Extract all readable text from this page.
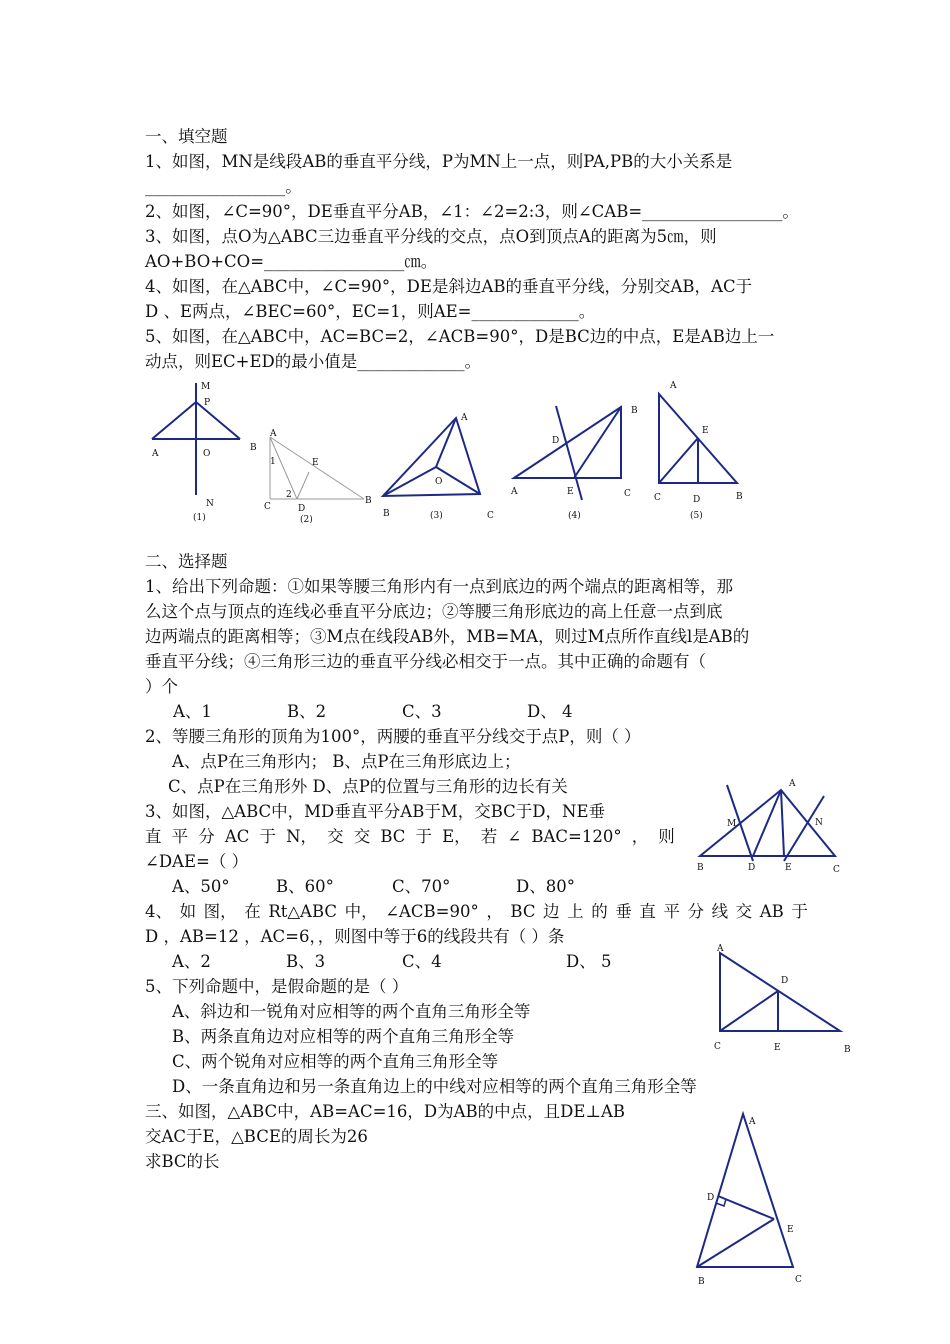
一、填空题
1、如图，MN是线段AB的垂直平分线，P为MN上一点，则PA,PB的大小关系是
_________________。
2、如图，∠C=90°，DE垂直平分AB，∠1：∠2=2:3，则∠CAB=_________________。
3、如图，点O为△ABC三边垂直平分线的交点，点O到顶点A的距离为5㎝，则
AO+BO+CO=_________________㎝。
4、如图，在△ABC中，∠C=90°，DE是斜边AB的垂直平分线，分别交AB，AC于
D 、E两点，∠BEC=60°，EC=1，则AE=_____________。
5、如图，在△ABC中，AC=BC=2，∠ACB=90°，D是BC边的中点，E是AB边上一
动点，则EC+ED的最小值是_____________。
M
P
A	O
N
(1)
A
B
1	E
2
C	D
B
(2)
A
O
B	C
(3)
B
D
A	E	C
(4)
A
E
C	D	B
(5)
二、选择题
1、给出下列命题：①如果等腰三角形内有一点到底边的两个端点的距离相等，那
么这个点与顶点的连线必垂直平分底边；②等腰三角形底边的高上任意一点到底
边两端点的距离相等；③M点在线段AB外，MB=MA，则过M点所作直线l是AB的
垂直平分线；④三角形三边的垂直平分线必相交于一点。其中正确的命题有（
）个
A、1	B、2	C、3	D、 4
2、等腰三角形的顶角为100°，两腰的垂直平分线交于点P，则（ ）
A、点P在三角形内； B、点P在三角形底边上；
C、点P在三角形外 D、点P的位置与三角形的边长有关
3、如图，△ABC中，MD垂直平分AB于M，交BC于D，NE垂
直 平 分 AC 于 N， 交 交 BC 于 E， 若 ∠ BAC=120° ， 则
∠DAE=（ ）
A、50°	B、60°	C、70°	D、80°
A
M	N
B	D	E	C
4、 如 图， 在 Rt△ABC 中， ∠ACB=90° ， BC 边 上 的 垂 直 平 分 线 交 AB 于
D ，AB=12 ，AC=6，，则图中等于6的线段共有（ ）条
A、2	B、3	C、4	D、 5
A
D
C	E	B
5、下列命题中，是假命题的是（ ）
A、斜边和一锐角对应相等的两个直角三角形全等
B、两条直角边对应相等的两个直角三角形全等
C、两个锐角对应相等的两个直角三角形全等
D、一条直角边和另一条直角边上的中线对应相等的两个直角三角形全等
三、如图，△ABC中，AB=AC=16，D为AB的中点，且DE⊥AB
交AC于E，△BCE的周长为26
求BC的长
A
D
E
B	C
